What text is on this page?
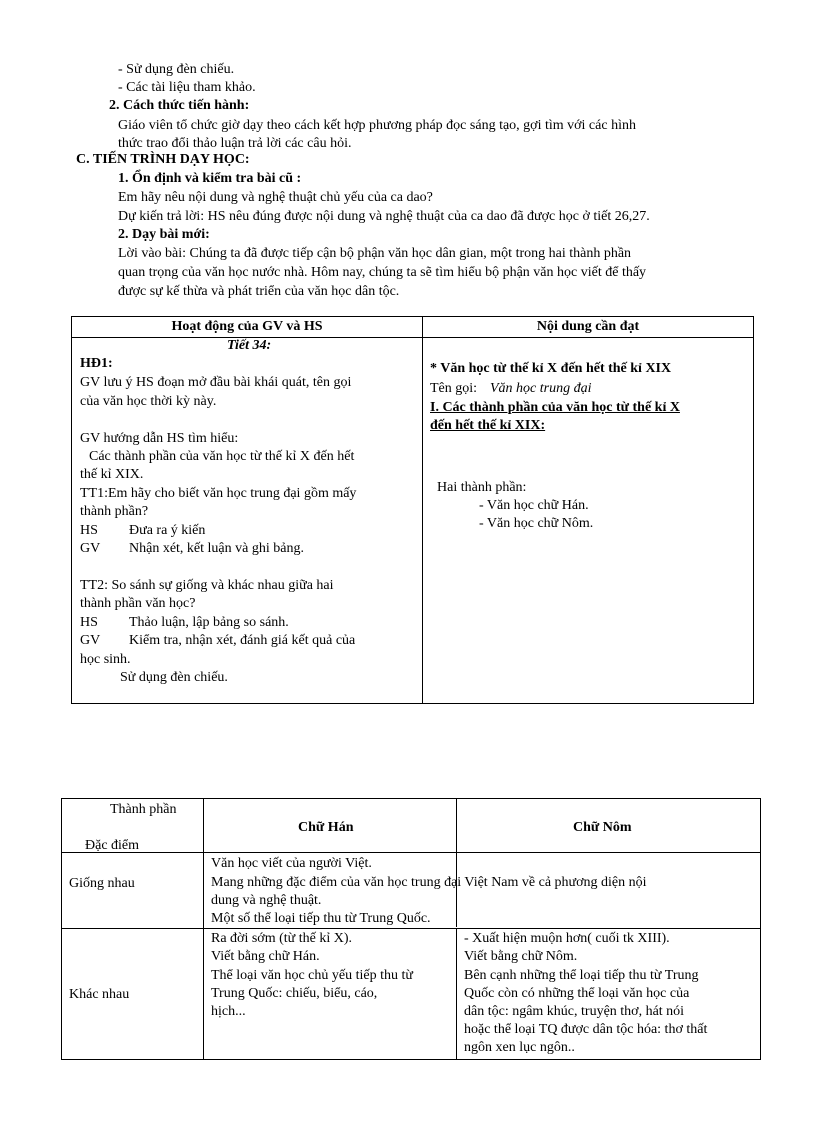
- Sử dụng đèn chiếu.
- Các tài liệu tham khảo.
2. Cách thức tiến hành:
Giáo viên tổ chức giờ dạy theo cách kết hợp phương pháp đọc sáng tạo, gợi tìm với các hình
thức trao đổi thảo luận trả lời các câu hỏi.
C. TIẾN TRÌNH DẠY HỌC:
1. Ổn định và kiểm tra bài cũ :
Em hãy nêu nội dung và nghệ thuật chủ yếu của ca dao?
Dự kiến trả lời: HS nêu đúng được nội dung và nghệ thuật của ca dao đã được học ở tiết 26,27.
2. Dạy bài mới:
Lời vào bài: Chúng ta đã được tiếp cận bộ phận văn học dân gian, một trong hai thành phần
quan trọng của văn học nước nhà. Hôm nay, chúng ta sẽ tìm hiểu bộ phận văn học viết để thấy
được sự kế thừa và phát triển của văn học dân tộc.
Hoạt động của GV và HS	Nội dung cần đạt
Tiết 34:
HĐ1:
GV lưu ý HS đoạn mở đầu bài khái quát, tên gọi
của văn học thời kỳ này.
GV hướng dẫn HS tìm hiểu:
Các thành phần của văn học từ thế kỉ X đến hết
thế kỉ XIX.
TT1:Em hãy cho biết văn học trung đại gồm mấy
thành phần?
HS Đưa ra ý kiến
GV Nhận xét, kết luận và ghi bảng.
TT2: So sánh sự giống và khác nhau giữa hai
thành phần văn học?
HS Thảo luận, lập bảng so sánh.
GV Kiểm tra, nhận xét, đánh giá kết quả của
học sinh.
Sử dụng đèn chiếu.
* Văn học từ thế kỉ X đến hết thế kỉ XIX
Tên gọi: Văn học trung đại
I. Các thành phần của văn học từ thế kỉ X
đến hết thế kỉ XIX:
Hai thành phần:
- Văn học chữ Hán.
- Văn học chữ Nôm.
Thành phần
Đặc điểm
Chữ Hán	Chữ Nôm
Giống nhau
Văn học viết của người Việt.
Mang những đặc điểm của văn học trung đại Việt Nam về cả phương diện nội
dung và nghệ thuật.
Một số thể loại tiếp thu từ Trung Quốc.
Khác nhau
Ra đời sớm (từ thế kỉ X).
Viết bằng chữ Hán.
Thể loại văn học chủ yếu tiếp thu từ
Trung Quốc: chiếu, biểu, cáo,
hịch...
- Xuất hiện muộn hơn( cuối tk XIII).
Viết bằng chữ Nôm.
Bên cạnh những thể loại tiếp thu từ Trung
Quốc còn có những thể loại văn học của
dân tộc: ngâm khúc, truyện thơ, hát nói
hoặc thể loại TQ được dân tộc hóa: thơ thất
ngôn xen lục ngôn..
